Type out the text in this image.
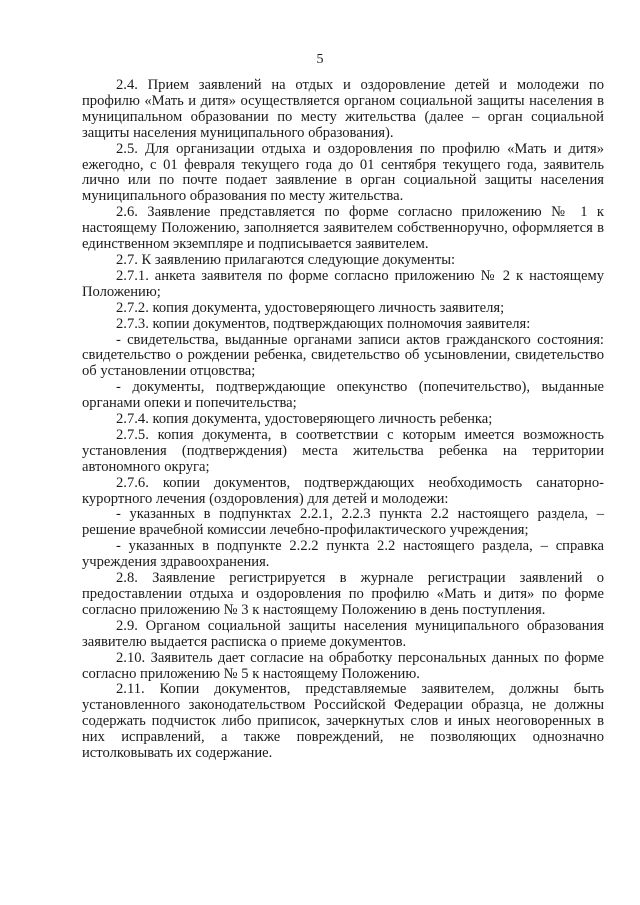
5

2.4. Прием заявлений на отдых и оздоровление детей и молодежи по профилю «Мать и дитя» осуществляется органом социальной защиты населения в муниципальном образовании по месту жительства (далее – орган социальной защиты населения муниципального образования).

2.5. Для организации отдыха и оздоровления по профилю «Мать и дитя» ежегодно, с 01 февраля текущего года до 01 сентября текущего года, заявитель лично или по почте подает заявление в орган социальной защиты населения муниципального образования по месту жительства.

2.6. Заявление представляется по форме согласно приложению № 1 к настоящему Положению, заполняется заявителем собственноручно, оформляется в единственном экземпляре и подписывается заявителем.

2.7. К заявлению прилагаются следующие документы:

2.7.1. анкета заявителя по форме согласно приложению № 2 к настоящему Положению;

2.7.2. копия документа, удостоверяющего личность заявителя;

2.7.3. копии документов, подтверждающих полномочия заявителя:

- свидетельства, выданные органами записи актов гражданского состояния: свидетельство о рождении ребенка, свидетельство об усыновлении, свидетельство об установлении отцовства;

- документы, подтверждающие опекунство (попечительство), выданные органами опеки и попечительства;

2.7.4. копия документа, удостоверяющего личность ребенка;

2.7.5. копия документа, в соответствии с которым имеется возможность установления (подтверждения) места жительства ребенка на территории автономного округа;

2.7.6. копии документов, подтверждающих необходимость санаторно-курортного лечения (оздоровления) для детей и молодежи:

- указанных в подпунктах 2.2.1, 2.2.3 пункта 2.2 настоящего раздела, – решение врачебной комиссии лечебно-профилактического учреждения;

- указанных в подпункте 2.2.2 пункта 2.2 настоящего раздела, – справка учреждения здравоохранения.

2.8. Заявление регистрируется в журнале регистрации заявлений о предоставлении отдыха и оздоровления по профилю «Мать и дитя» по форме согласно приложению № 3 к настоящему Положению в день поступления.

2.9. Органом социальной защиты населения муниципального образования заявителю выдается расписка о приеме документов.

2.10. Заявитель дает согласие на обработку персональных данных по форме согласно приложению № 5 к настоящему Положению.

2.11. Копии документов, представляемые заявителем, должны быть установленного законодательством Российской Федерации образца, не должны содержать подчисток либо приписок, зачеркнутых слов и иных неоговоренных в них исправлений, а также повреждений, не позволяющих однозначно истолковывать их содержание.
